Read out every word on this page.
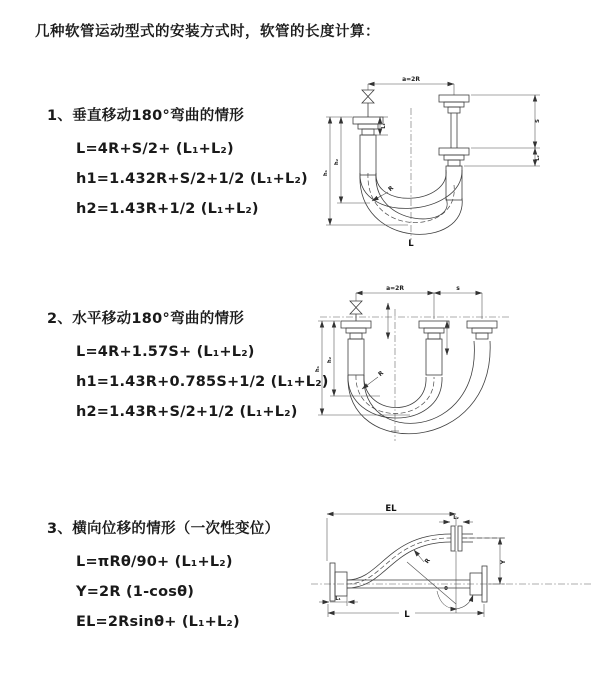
几种软管运动型式的安装方式时，软管的长度计算：
1、垂直移动180°弯曲的情形
L=4R+S/2+ (L₁+L₂)
h1=1.432R+S/2+1/2 (L₁+L₂)
h2=1.43R+1/2 (L₁+L₂)
2、水平移动180°弯曲的情形
L=4R+1.57S+ (L₁+L₂)
h1=1.43R+0.785S+1/2 (L₁+L₂)
h2=1.43R+S/2+1/2 (L₁+L₂)
3、横向位移的情形（一次性变位）
L=πRθ/90+ (L₁+L₂)
Y=2R (1-cosθ)
EL=2Rsinθ+ (L₁+L₂)
a=2R
h₁
h₂
L₁
S
L₂
R
L
a=2R	s
h₁
h₂
R
EL
L₂
Y
θ
R
L₁
L
